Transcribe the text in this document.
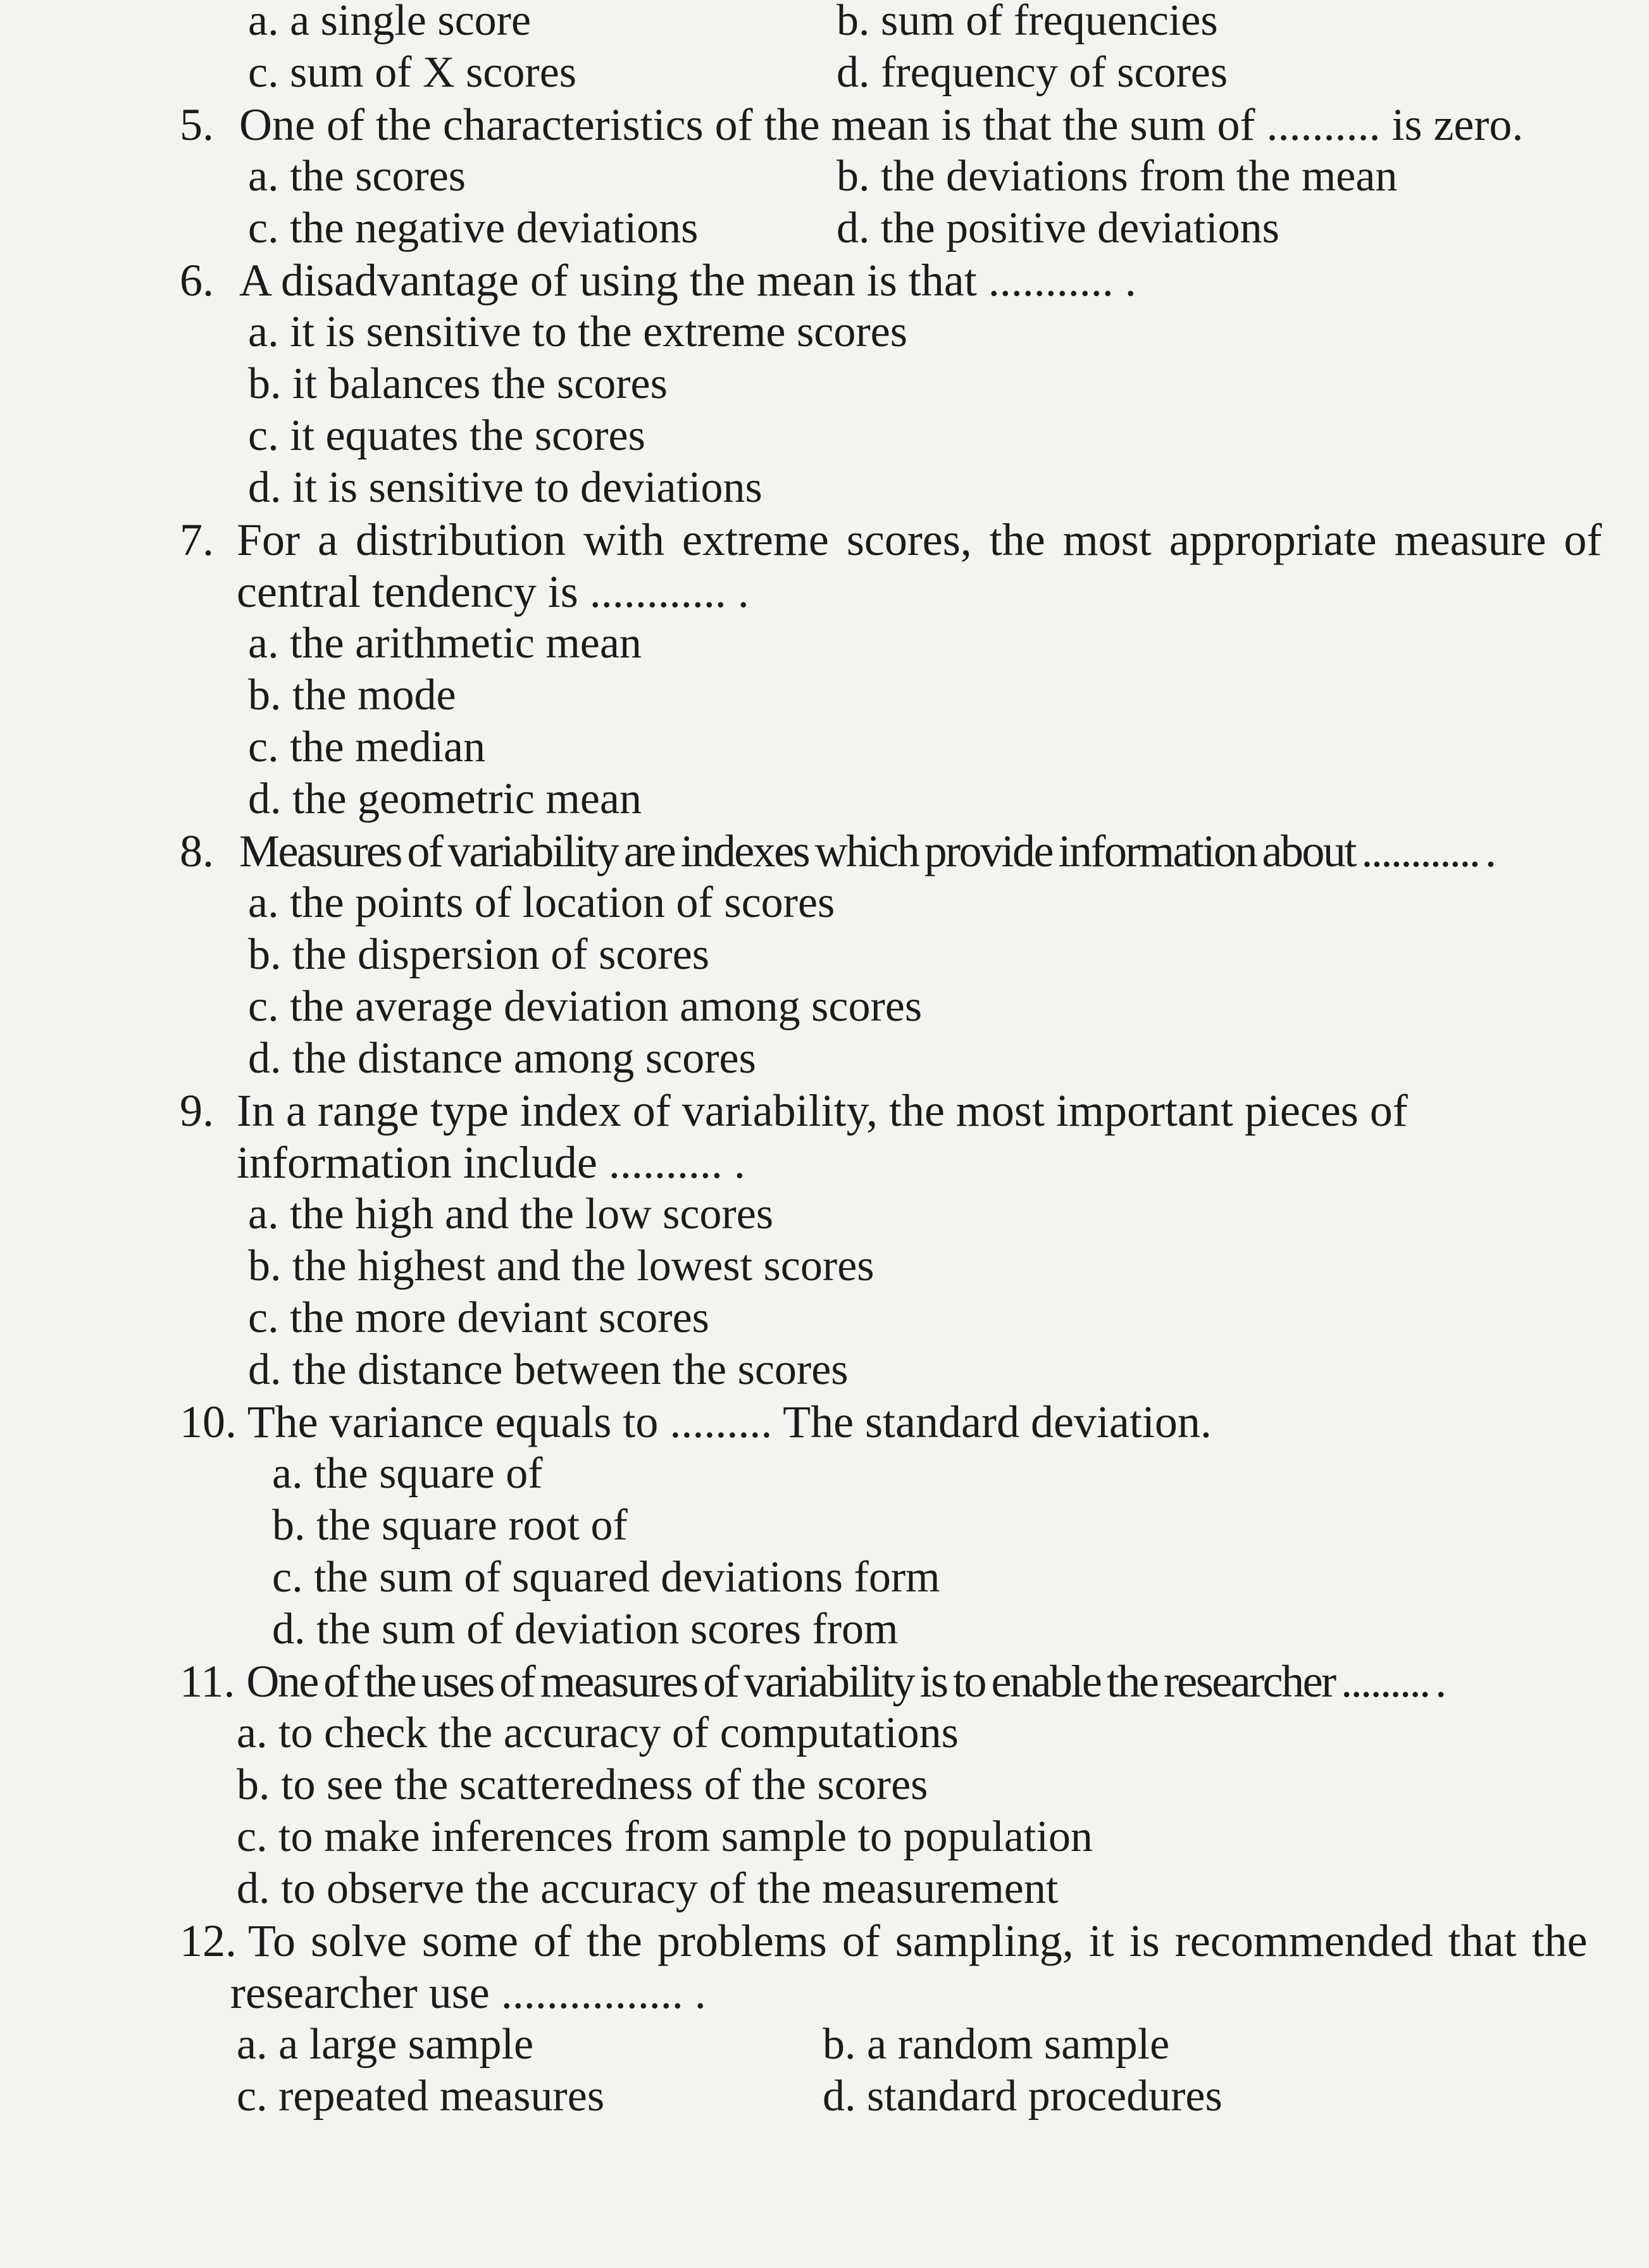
a. a single score	b. sum of frequencies
c. sum of X scores	d. frequency of scores
5. One of the characteristics of the mean is that the sum of .......... is zero.
a. the scores	b. the deviations from the mean
c. the negative deviations	d. the positive deviations
6. A disadvantage of using the mean is that ........... .
a. it is sensitive to the extreme scores
b. it balances the scores
c. it equates the scores
d. it is sensitive to deviations
7. For a distribution with extreme scores, the most appropriate measure of
central tendency is ............ .
a. the arithmetic mean
b. the mode
c. the median
d. the geometric mean
8. Measures of variability are indexes which provide information about ............ .
a. the points of location of scores
b. the dispersion of scores
c. the average deviation among scores
d. the distance among scores
9. In a range type index of variability, the most important pieces of
information include .......... .
a. the high and the low scores
b. the highest and the lowest scores
c. the more deviant scores
d. the distance between the scores
10. The variance equals to ......... The standard deviation.
a. the square of
b. the square root of
c. the sum of squared deviations form
d. the sum of deviation scores from
11. One of the uses of measures of variability is to enable the researcher ......... .
a. to check the accuracy of computations
b. to see the scatteredness of the scores
c. to make inferences from sample to population
d. to observe the accuracy of the measurement
12. To solve some of the problems of sampling, it is recommended that the
researcher use ................ .
a. a large sample	b. a random sample
c. repeated measures	d. standard procedures
